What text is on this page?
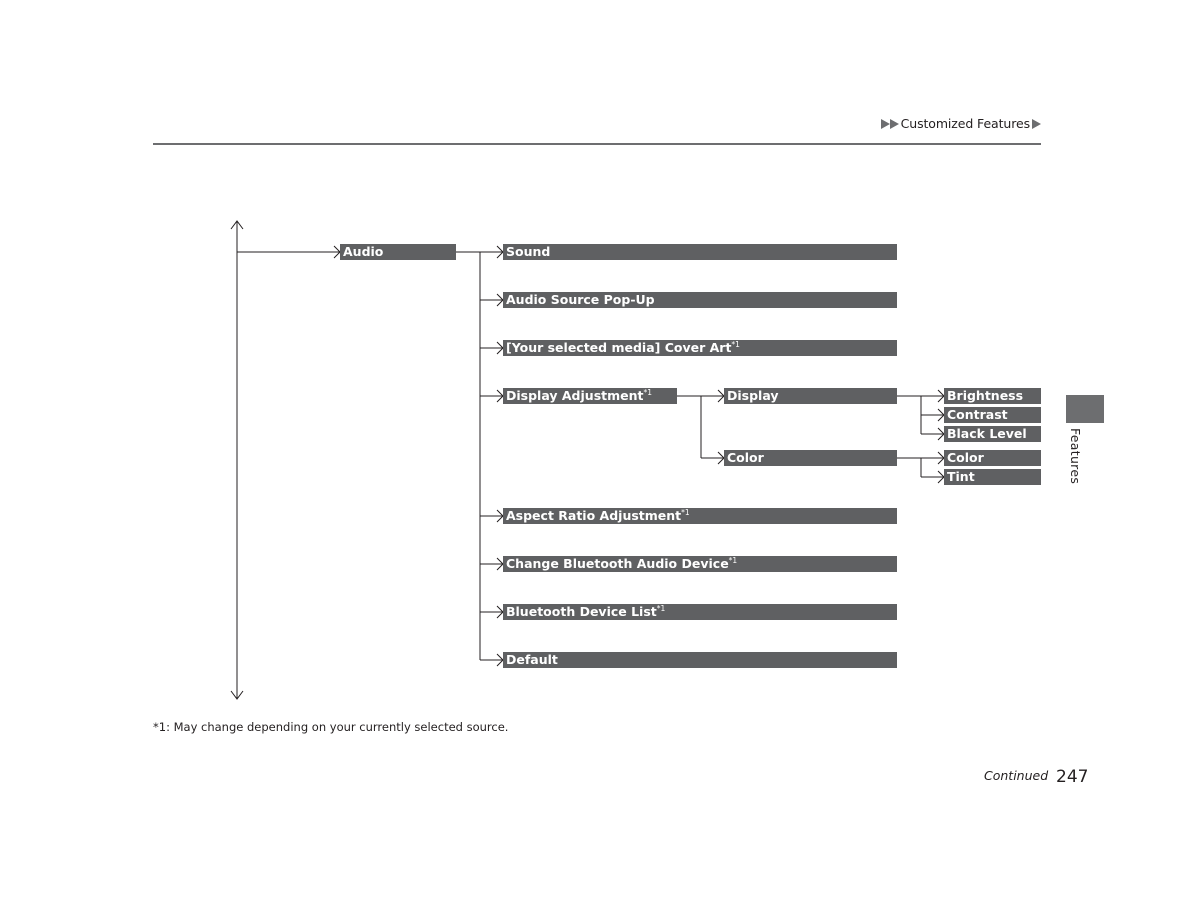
Customized Features
Audio	Sound
Audio Source Pop-Up
[Your selected media] Cover Art$^{*1}$
Display Adjustment$^{*1}$
Aspect Ratio Adjustment$^{*1}$
Change Bluetooth Audio Device$^{*1}$
Bluetooth Device List$^{*1}$
Default
Display
Color
Brightness
Contrast
Black Level
Color
Tint
*1: May change depending on your currently selected source.
Continued 247
Features
